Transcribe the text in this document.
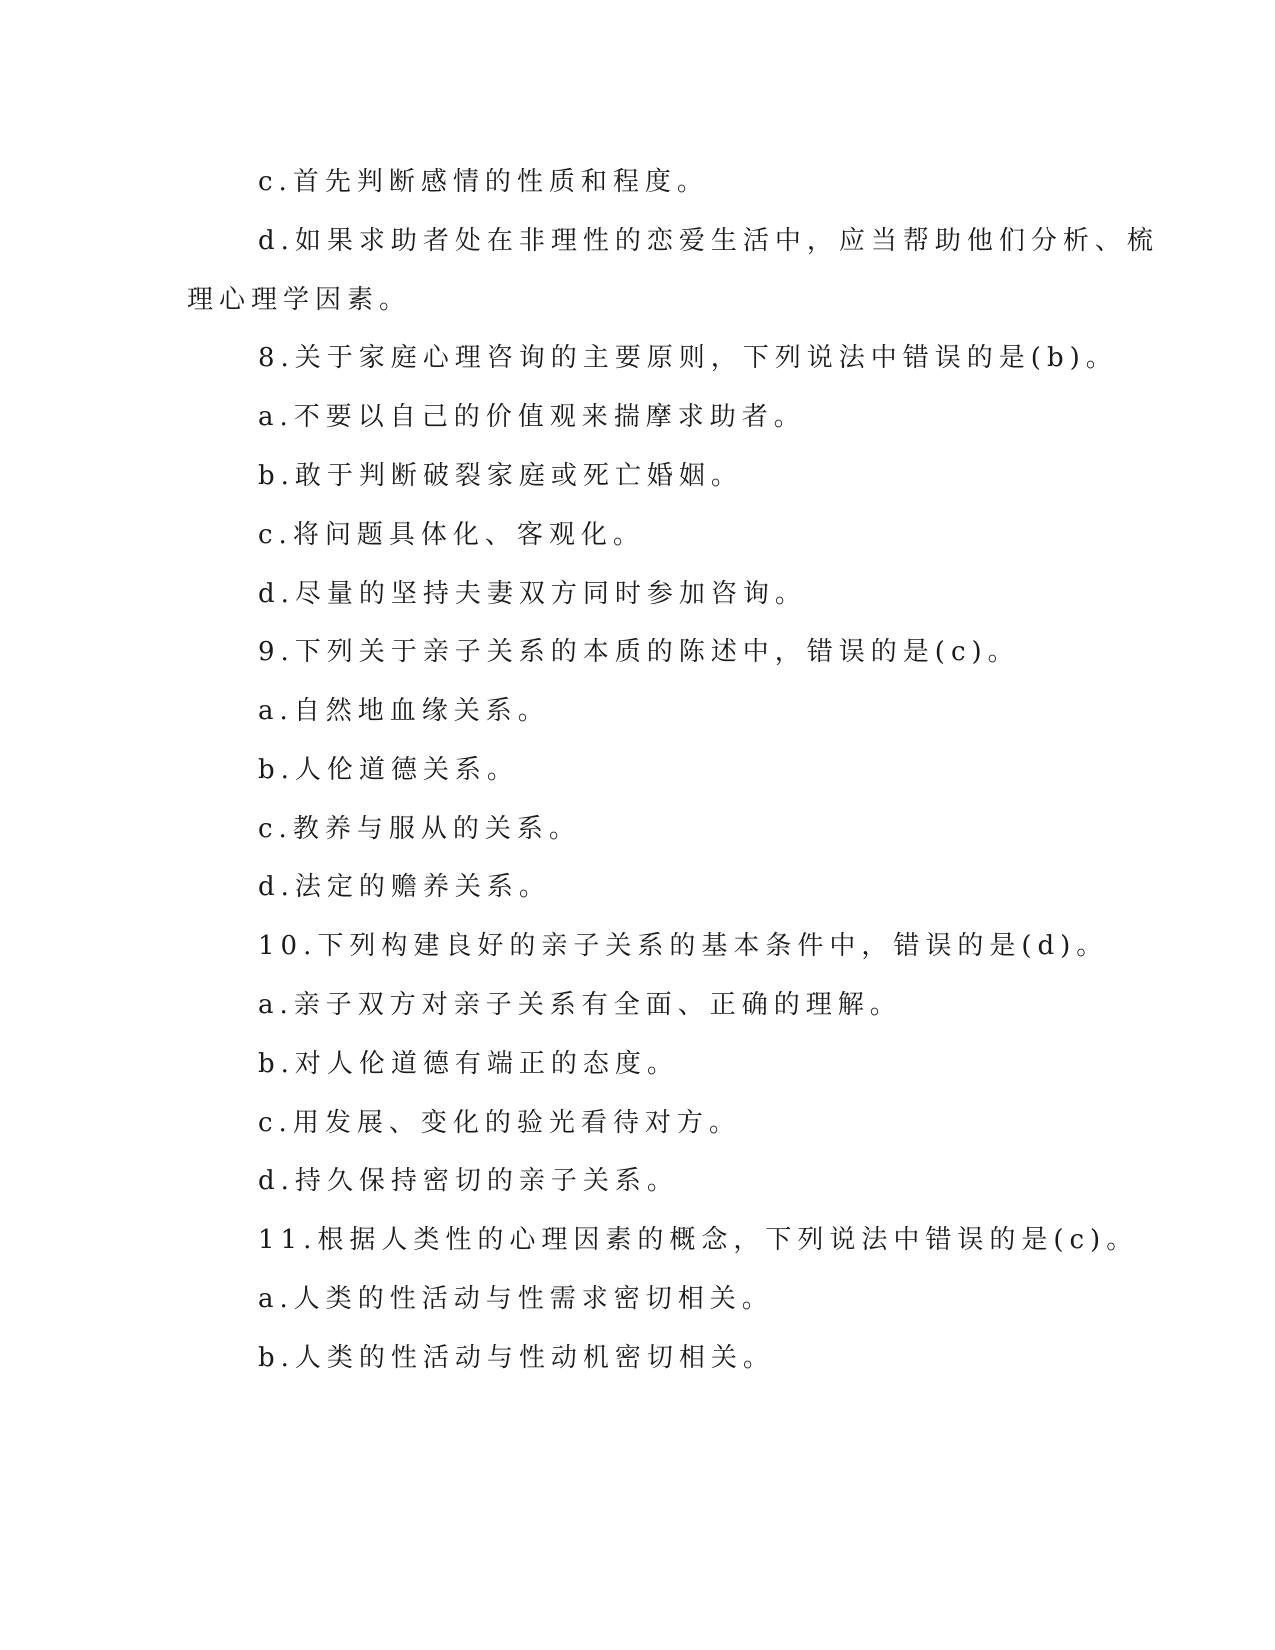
c.首先判断感情的性质和程度。
d.如果求助者处在非理性的恋爱生活中，应当帮助他们分析、梳
理心理学因素。
8.关于家庭心理咨询的主要原则，下列说法中错误的是(b)。
a.不要以自己的价值观来揣摩求助者。
b.敢于判断破裂家庭或死亡婚姻。
c.将问题具体化、客观化。
d.尽量的坚持夫妻双方同时参加咨询。
9.下列关于亲子关系的本质的陈述中，错误的是(c)。
a.自然地血缘关系。
b.人伦道德关系。
c.教养与服从的关系。
d.法定的赡养关系。
10.下列构建良好的亲子关系的基本条件中，错误的是(d)。
a.亲子双方对亲子关系有全面、正确的理解。
b.对人伦道德有端正的态度。
c.用发展、变化的验光看待对方。
d.持久保持密切的亲子关系。
11.根据人类性的心理因素的概念，下列说法中错误的是(c)。
a.人类的性活动与性需求密切相关。
b.人类的性活动与性动机密切相关。
